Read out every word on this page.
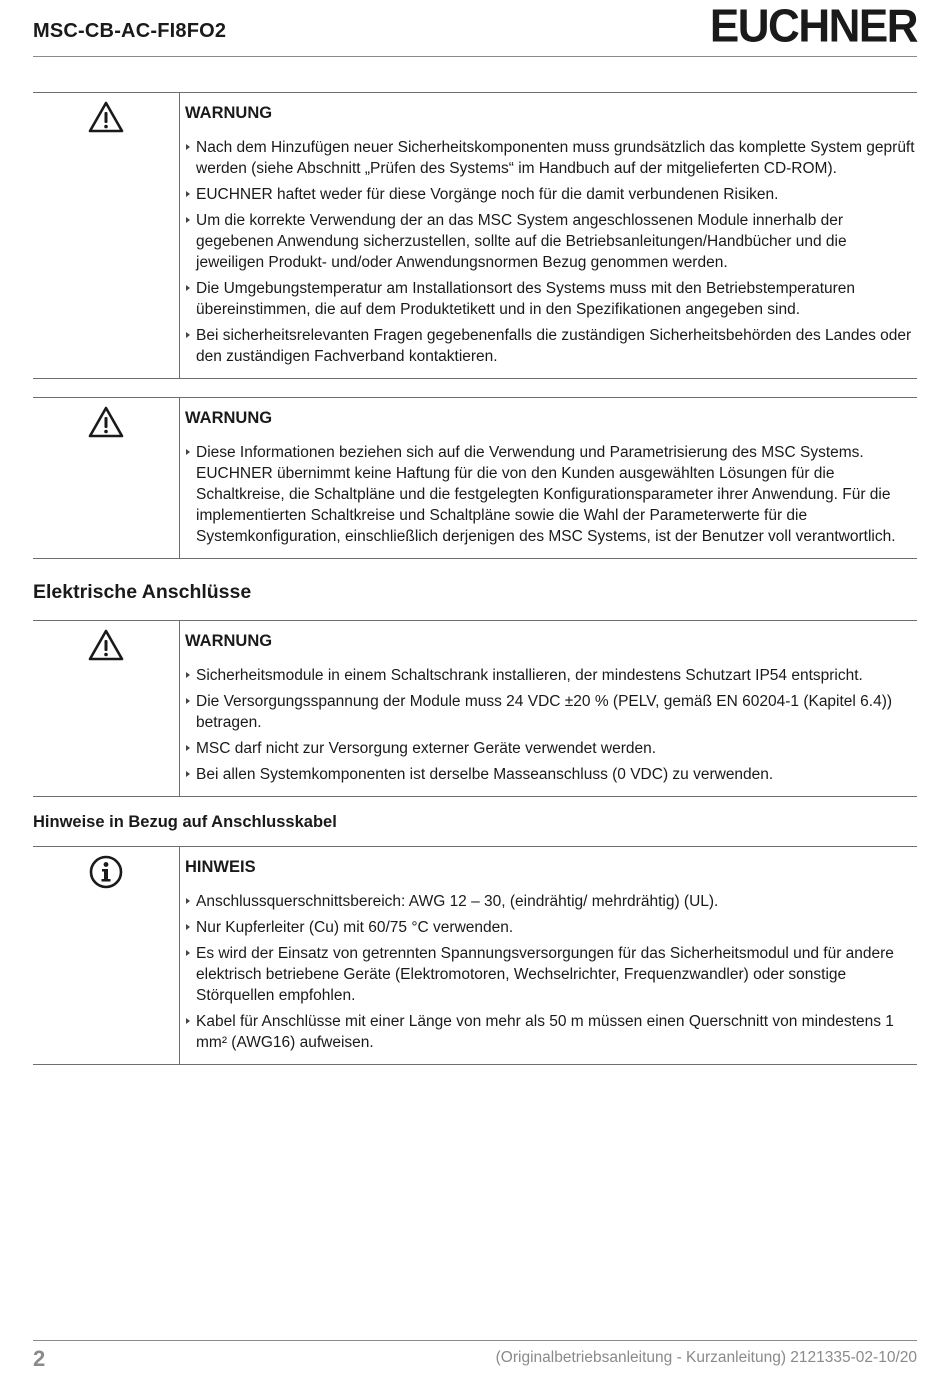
MSC-CB-AC-FI8FO2	EUCHNER
WARNUNG
Nach dem Hinzufügen neuer Sicherheitskomponenten muss grundsätzlich das komplette System geprüft werden (siehe Abschnitt „Prüfen des Systems“ im Handbuch auf der mitgelieferten CD-ROM).
EUCHNER haftet weder für diese Vorgänge noch für die damit verbundenen Risiken.
Um die korrekte Verwendung der an das MSC System angeschlossenen Module innerhalb der gegebenen Anwendung sicherzustellen, sollte auf die Betriebsanleitungen/Handbücher und die jeweiligen Produkt- und/oder Anwendungsnormen Bezug genommen werden.
Die Umgebungstemperatur am Installationsort des Systems muss mit den Betriebstemperaturen übereinstimmen, die auf dem Produktetikett und in den Spezifikationen angegeben sind.
Bei sicherheitsrelevanten Fragen gegebenenfalls die zuständigen Sicherheitsbehörden des Landes oder den zuständigen Fachverband kontaktieren.
WARNUNG
Diese Informationen beziehen sich auf die Verwendung und Parametrisierung des MSC Systems. EUCHNER übernimmt keine Haftung für die von den Kunden ausgewählten Lösungen für die Schaltkreise, die Schaltpläne und die festgelegten Konfigurationsparameter ihrer Anwendung. Für die implementierten Schaltkreise und Schaltpläne sowie die Wahl der Parameterwerte für die Systemkonfiguration, einschließlich derjenigen des MSC Systems, ist der Benutzer voll verantwortlich.
Elektrische Anschlüsse
WARNUNG
Sicherheitsmodule in einem Schaltschrank installieren, der mindestens Schutzart IP54 entspricht.
Die Versorgungsspannung der Module muss 24 VDC ±20 % (PELV, gemäß EN 60204-1 (Kapitel 6.4)) betragen.
MSC darf nicht zur Versorgung externer Geräte verwendet werden.
Bei allen Systemkomponenten ist derselbe Masseanschluss (0 VDC) zu verwenden.
Hinweise in Bezug auf Anschlusskabel
HINWEIS
Anschlussquerschnittsbereich: AWG 12 – 30, (eindrähtig/ mehrdrähtig) (UL).
Nur Kupferleiter (Cu) mit 60/75 °C verwenden.
Es wird der Einsatz von getrennten Spannungsversorgungen für das Sicherheitsmodul und für andere elektrisch betriebene Geräte (Elektromotoren, Wechselrichter, Frequenzwandler) oder sonstige Störquellen empfohlen.
Kabel für Anschlüsse mit einer Länge von mehr als 50 m müssen einen Querschnitt von mindestens 1 mm² (AWG16) aufweisen.
2	(Originalbetriebsanleitung - Kurzanleitung) 2121335-02-10/20
